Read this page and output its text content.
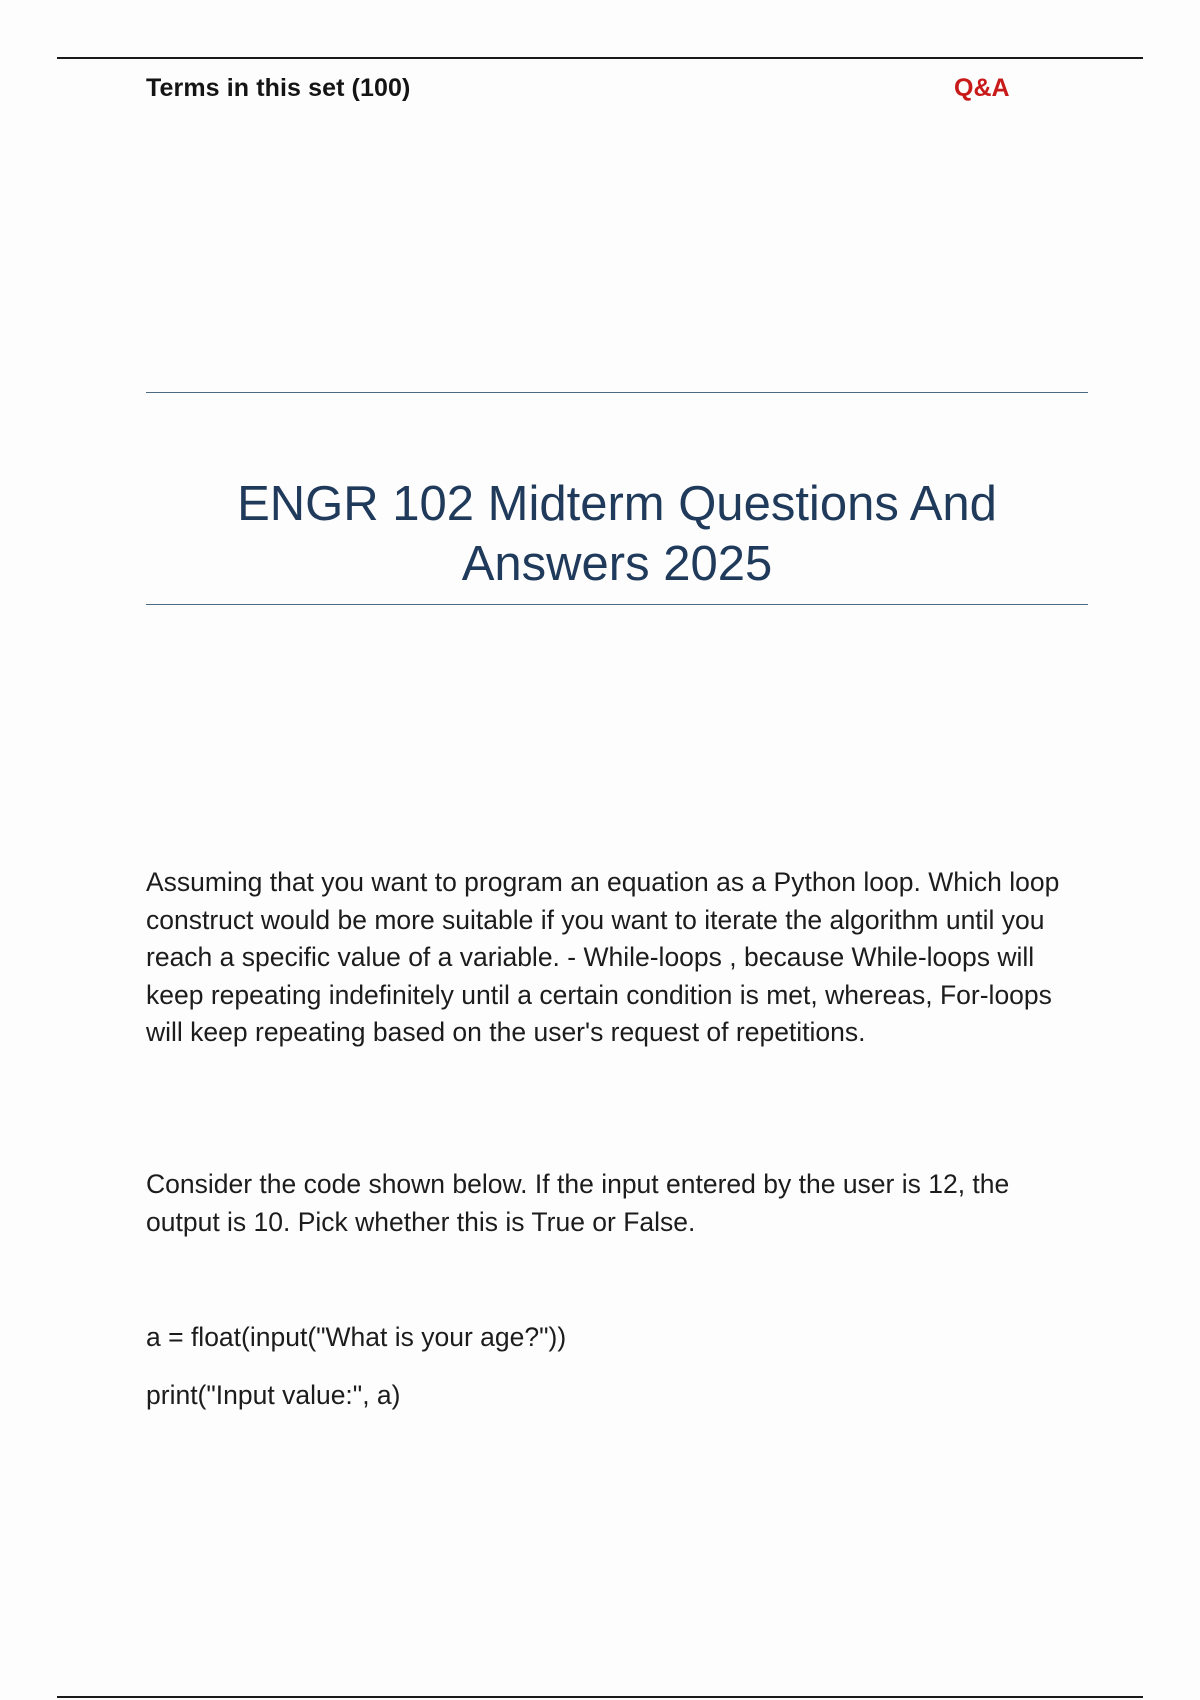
Terms in this set (100)	Q&A
ENGR 102 Midterm Questions And
Answers 2025

Assuming that you want to program an equation as a Python loop. Which loop construct would be more suitable if you want to iterate the algorithm until you reach a specific value of a variable. - While-loops , because While-loops will keep repeating indefinitely until a certain condition is met, whereas, For-loops will keep repeating based on the user's request of repetitions.

Consider the code shown below. If the input entered by the user is 12, the output is 10. Pick whether this is True or False.

a = float(input("What is your age?"))

print("Input value:", a)
